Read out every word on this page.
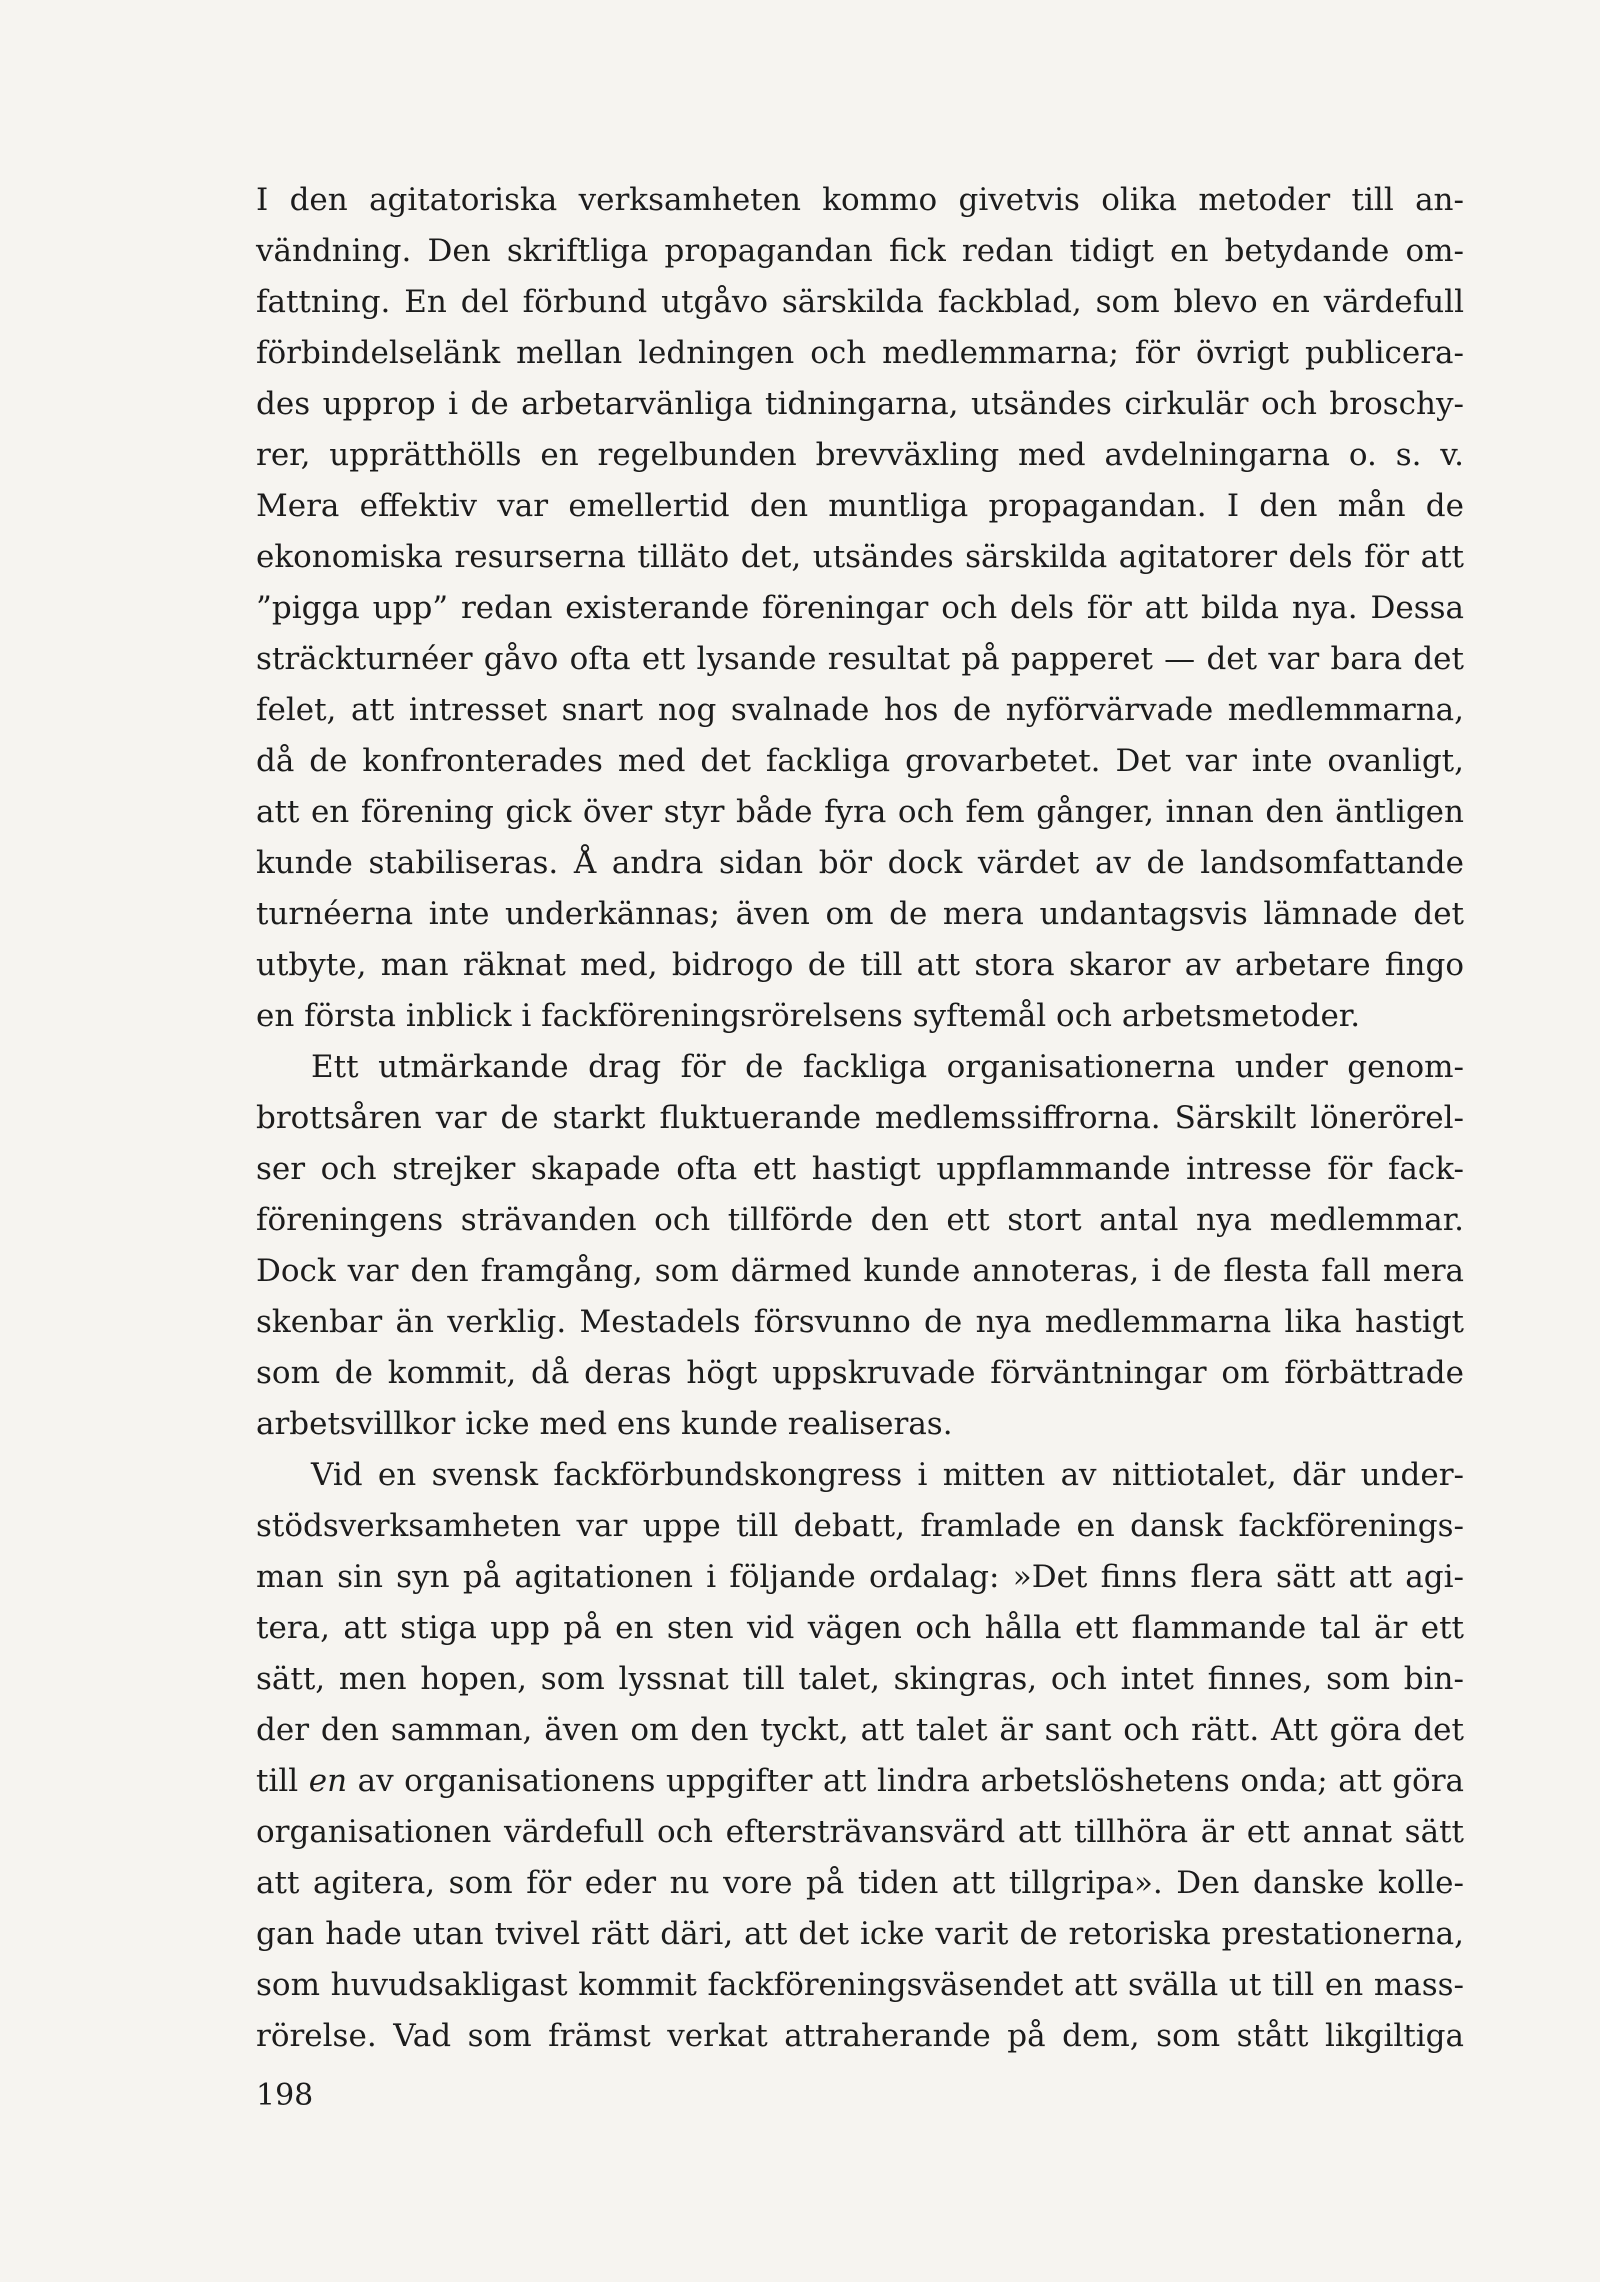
I den agitatoriska verksamheten kommo givetvis olika metoder till an-
vändning. Den skriftliga propagandan fick redan tidigt en betydande om-
fattning. En del förbund utgåvo särskilda fackblad, som blevo en värdefull
förbindelselänk mellan ledningen och medlemmarna; för övrigt publicera-
des upprop i de arbetarvänliga tidningarna, utsändes cirkulär och broschy-
rer, upprätthölls en regelbunden brevväxling med avdelningarna o. s. v.
Mera effektiv var emellertid den muntliga propagandan. I den mån de
ekonomiska resurserna tilläto det, utsändes särskilda agitatorer dels för att
”pigga upp” redan existerande föreningar och dels för att bilda nya. Dessa
sträckturnéer gåvo ofta ett lysande resultat på papperet — det var bara det
felet, att intresset snart nog svalnade hos de nyförvärvade medlemmarna,
då de konfronterades med det fackliga grovarbetet. Det var inte ovanligt,
att en förening gick över styr både fyra och fem gånger, innan den äntligen
kunde stabiliseras. Å andra sidan bör dock värdet av de landsomfattande
turnéerna inte underkännas; även om de mera undantagsvis lämnade det
utbyte, man räknat med, bidrogo de till att stora skaror av arbetare fingo
en första inblick i fackföreningsrörelsens syftemål och arbetsmetoder.
Ett utmärkande drag för de fackliga organisationerna under genom-
brottsåren var de starkt fluktuerande medlemssiffrorna. Särskilt lönerörel-
ser och strejker skapade ofta ett hastigt uppflammande intresse för fack-
föreningens strävanden och tillförde den ett stort antal nya medlemmar.
Dock var den framgång, som därmed kunde annoteras, i de flesta fall mera
skenbar än verklig. Mestadels försvunno de nya medlemmarna lika hastigt
som de kommit, då deras högt uppskruvade förväntningar om förbättrade
arbetsvillkor icke med ens kunde realiseras.
Vid en svensk fackförbundskongress i mitten av nittiotalet, där under-
stödsverksamheten var uppe till debatt, framlade en dansk fackförenings-
man sin syn på agitationen i följande ordalag: »Det finns flera sätt att agi-
tera, att stiga upp på en sten vid vägen och hålla ett flammande tal är ett
sätt, men hopen, som lyssnat till talet, skingras, och intet finnes, som bin-
der den samman, även om den tyckt, att talet är sant och rätt. Att göra det
till en av organisationens uppgifter att lindra arbetslöshetens onda; att göra
organisationen värdefull och eftersträvansvärd att tillhöra är ett annat sätt
att agitera, som för eder nu vore på tiden att tillgripa». Den danske kolle-
gan hade utan tvivel rätt däri, att det icke varit de retoriska prestationerna,
som huvudsakligast kommit fackföreningsväsendet att svälla ut till en mass-
rörelse. Vad som främst verkat attraherande på dem, som stått likgiltiga
198
